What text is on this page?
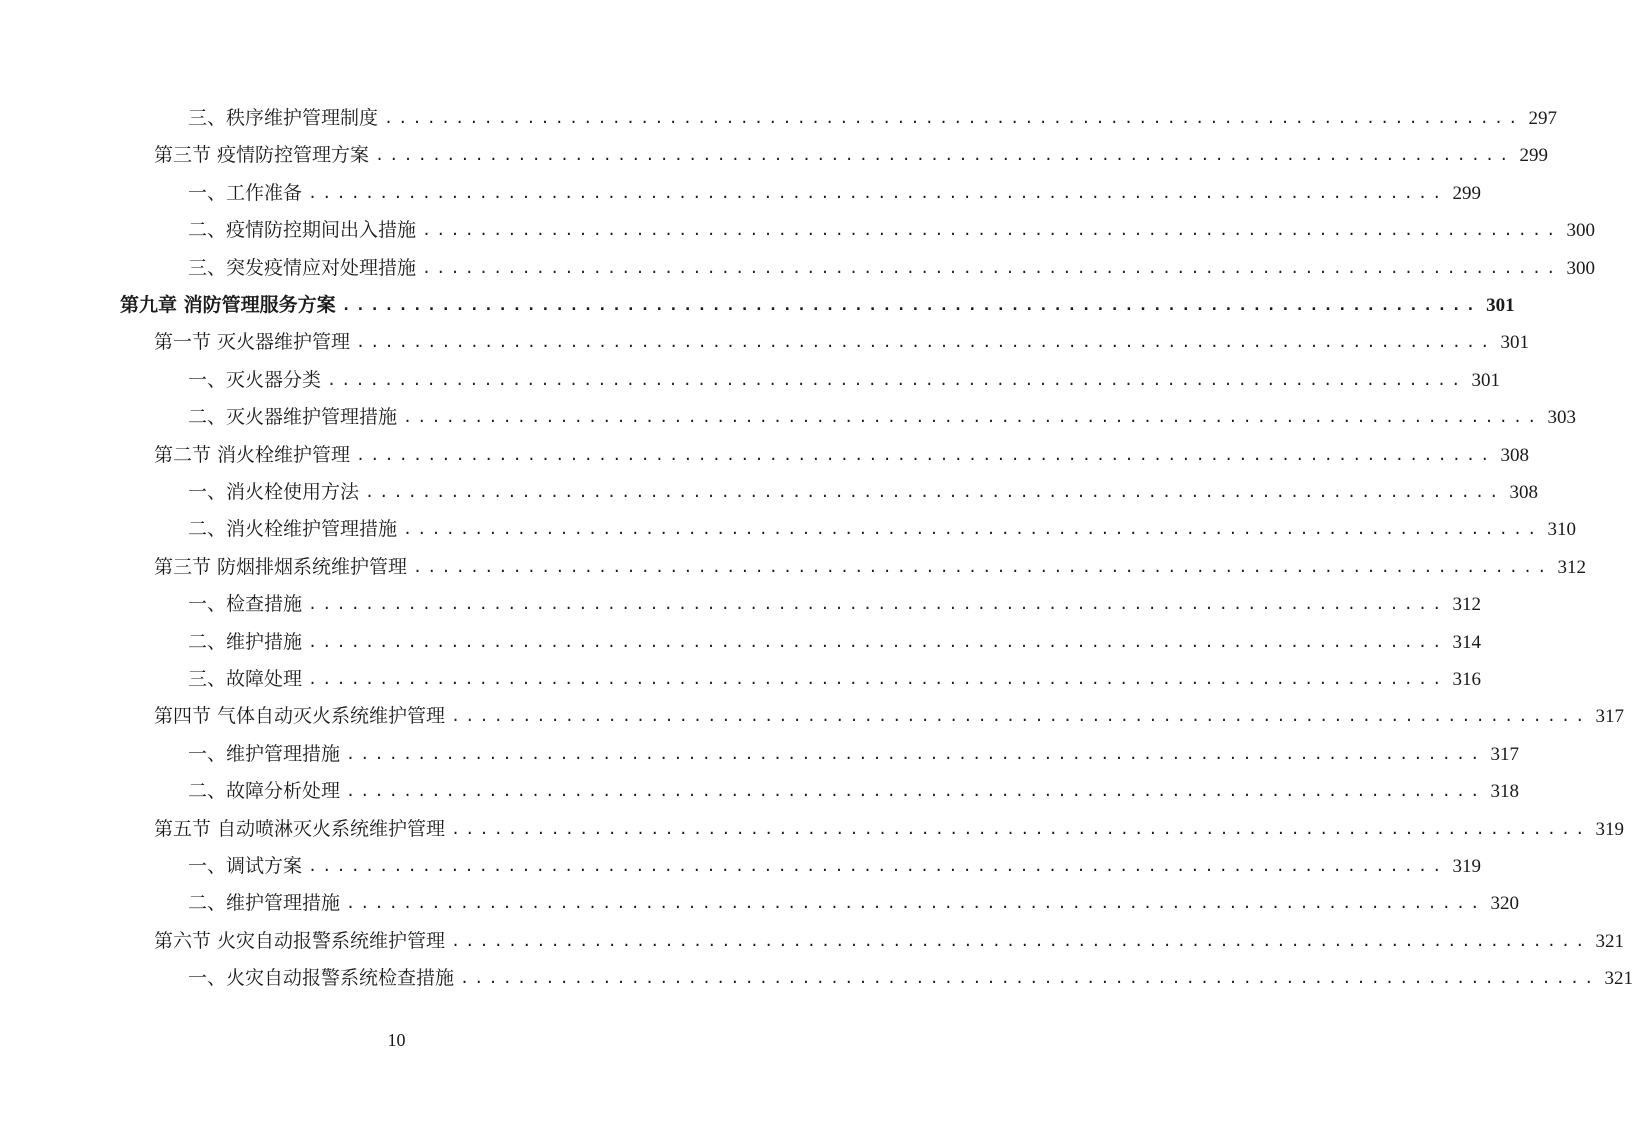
三、秩序维护管理制度 ................................................................................ 297
第三节 疫情防控管理方案 ................................................................................ 299
一、工作准备 ................................................................................ 299
二、疫情防控期间出入措施 ................................................................................ 300
三、突发疫情应对处理措施 ................................................................................ 300
第九章 消防管理服务方案 ................................................................................ 301
第一节 灭火器维护管理 ................................................................................ 301
一、灭火器分类 ................................................................................ 301
二、灭火器维护管理措施 ................................................................................ 303
第二节 消火栓维护管理 ................................................................................ 308
一、消火栓使用方法 ................................................................................ 308
二、消火栓维护管理措施 ................................................................................ 310
第三节 防烟排烟系统维护管理 ................................................................................ 312
一、检查措施 ................................................................................ 312
二、维护措施 ................................................................................ 314
三、故障处理 ................................................................................ 316
第四节 气体自动灭火系统维护管理 ................................................................................ 317
一、维护管理措施 ................................................................................ 317
二、故障分析处理 ................................................................................ 318
第五节 自动喷淋灭火系统维护管理 ................................................................................ 319
一、调试方案 ................................................................................ 319
二、维护管理措施 ................................................................................ 320
第六节 火灾自动报警系统维护管理 ................................................................................ 321
一、火灾自动报警系统检查措施 ................................................................................ 321
10
